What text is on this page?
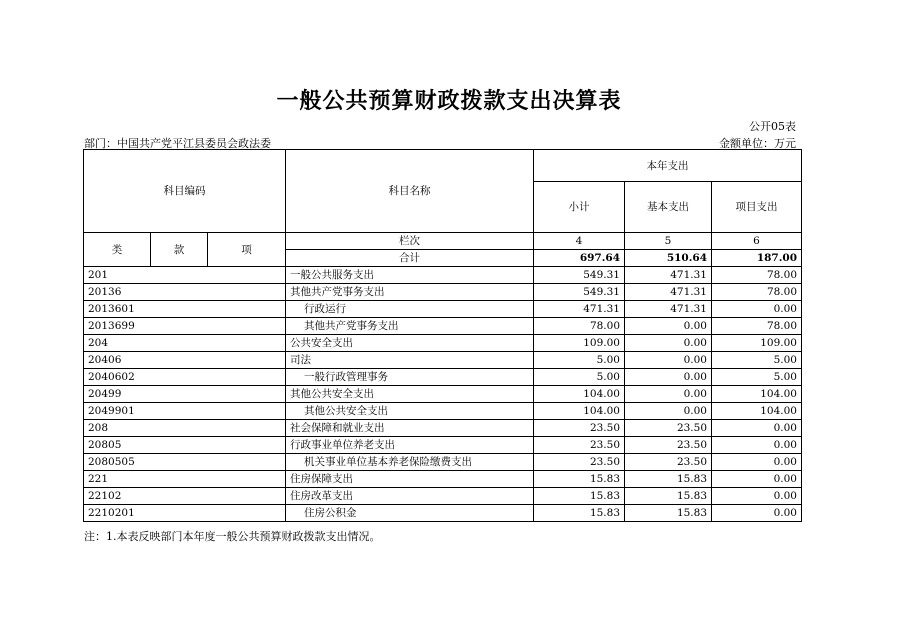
一般公共预算财政拨款支出决算表
公开05表
部门：中国共产党平江县委员会政法委	金额单位：万元
科目编码			科目名称	本年支出		
				小计	基本支出	项目支出
类	款	项	栏次	4	5	6
			合计	697.64	510.64	187.00
201			一般公共服务支出	549.31	471.31	78.00
20136			其他共产党事务支出	549.31	471.31	78.00
2013601			行政运行	471.31	471.31	0.00
2013699			其他共产党事务支出	78.00	0.00	78.00
204			公共安全支出	109.00	0.00	109.00
20406			司法	5.00	0.00	5.00
2040602			一般行政管理事务	5.00	0.00	5.00
20499			其他公共安全支出	104.00	0.00	104.00
2049901			其他公共安全支出	104.00	0.00	104.00
208			社会保障和就业支出	23.50	23.50	0.00
20805			行政事业单位养老支出	23.50	23.50	0.00
2080505			机关事业单位基本养老保险缴费支出	23.50	23.50	0.00
221			住房保障支出	15.83	15.83	0.00
22102			住房改革支出	15.83	15.83	0.00
2210201			住房公积金	15.83	15.83	0.00
注：1.本表反映部门本年度一般公共预算财政拨款支出情况。
